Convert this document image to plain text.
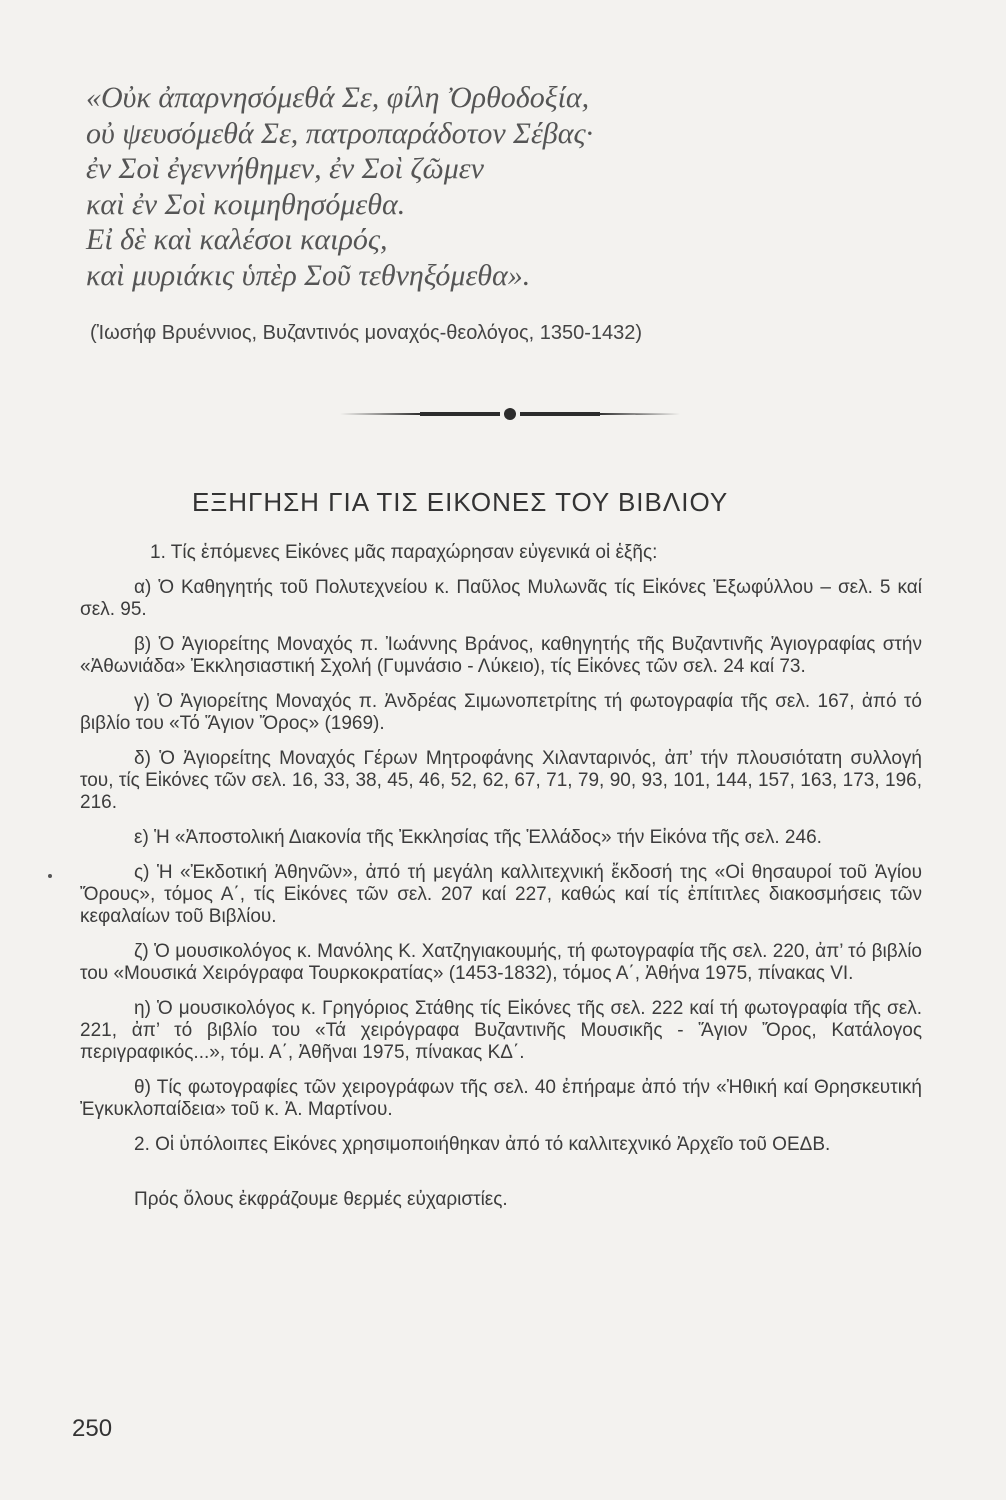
«Οὐκ ἀπαρνησόμεθά Σε, φίλη Ὀρθοδοξία,
οὐ ψευσόμεθά Σε, πατροπαράδοτον Σέβας·
ἐν Σοὶ ἐγεννήθημεν, ἐν Σοὶ ζῶμεν
καὶ ἐν Σοὶ κοιμηθησόμεθα.
Εἰ δὲ καὶ καλέσοι καιρός,
καὶ μυριάκις ὑπὲρ Σοῦ τεθνηξόμεθα».
(Ἰωσήφ Βρυέννιος, Βυζαντινός μοναχός-θεολόγος, 1350-1432)
ΕΞΗΓΗΣΗ ΓΙΑ ΤΙΣ ΕΙΚΟΝΕΣ ΤΟΥ ΒΙΒΛΙΟΥ

1. Τίς ἑπόμενες Εἰκόνες μᾶς παραχώρησαν εὐγενικά οἱ ἑξῆς:

α) Ὁ Καθηγητής τοῦ Πολυτεχνείου κ. Παῦλος Μυλωνᾶς τίς Εἰκόνες Ἐξωφύλλου – σελ. 5 καί σελ. 95.

β) Ὁ Ἁγιορείτης Μοναχός π. Ἰωάννης Βράνος, καθηγητής τῆς Βυζαντινῆς Ἁγιογραφίας στήν «Ἀθωνιάδα» Ἐκκλησιαστική Σχολή (Γυμνάσιο - Λύκειο), τίς Εἰκόνες τῶν σελ. 24 καί 73.

γ) Ὁ Ἁγιορείτης Μοναχός π. Ἀνδρέας Σιμωνοπετρίτης τή φωτογραφία τῆς σελ. 167, ἀπό τό βιβλίο του «Τό Ἅγιον Ὄρος» (1969).

δ) Ὁ Ἁγιορείτης Μοναχός Γέρων Μητροφάνης Χιλανταρινός, ἀπ’ τήν πλουσιότατη συλλογή του, τίς Εἰκόνες τῶν σελ. 16, 33, 38, 45, 46, 52, 62, 67, 71, 79, 90, 93, 101, 144, 157, 163, 173, 196, 216.

ε) Ἡ «Ἀποστολική Διακονία τῆς Ἐκκλησίας τῆς Ἑλλάδος» τήν Εἰκόνα τῆς σελ. 246.

ς) Ἡ «Ἐκδοτική Ἀθηνῶν», ἀπό τή μεγάλη καλλιτεχνική ἔκδοσή της «Οἱ θησαυροί τοῦ Ἁγίου Ὄρους», τόμος Α΄, τίς Εἰκόνες τῶν σελ. 207 καί 227, καθώς καί τίς ἐπίτιτλες διακοσμήσεις τῶν κεφαλαίων τοῦ Βιβλίου.

ζ) Ὁ μουσικολόγος κ. Μανόλης Κ. Χατζηγιακουμής, τή φωτογραφία τῆς σελ. 220, ἀπ’ τό βιβλίο του «Μουσικά Χειρόγραφα Τουρκοκρατίας» (1453-1832), τόμος Α΄, Ἀθήνα 1975, πίνακας VI.

η) Ὁ μουσικολόγος κ. Γρηγόριος Στάθης τίς Εἰκόνες τῆς σελ. 222 καί τή φωτογραφία τῆς σελ. 221, ἀπ’ τό βιβλίο του «Τά χειρόγραφα Βυζαντινῆς Μουσικῆς - Ἅγιον Ὄρος, Κατάλογος περιγραφικός...», τόμ. Α΄, Ἀθῆναι 1975, πίνακας ΚΔ΄.

θ) Τίς φωτογραφίες τῶν χειρογράφων τῆς σελ. 40 ἐπήραμε ἀπό τήν «Ἠθική καί Θρησκευτική Ἐγκυκλοπαίδεια» τοῦ κ. Ἀ. Μαρτίνου.

2. Οἱ ὑπόλοιπες Εἰκόνες χρησιμοποιήθηκαν ἀπό τό καλλιτεχνικό Ἀρχεῖο τοῦ ΟΕΔΒ.

Πρός ὅλους ἐκφράζουμε θερμές εὐχαριστίες.

250
